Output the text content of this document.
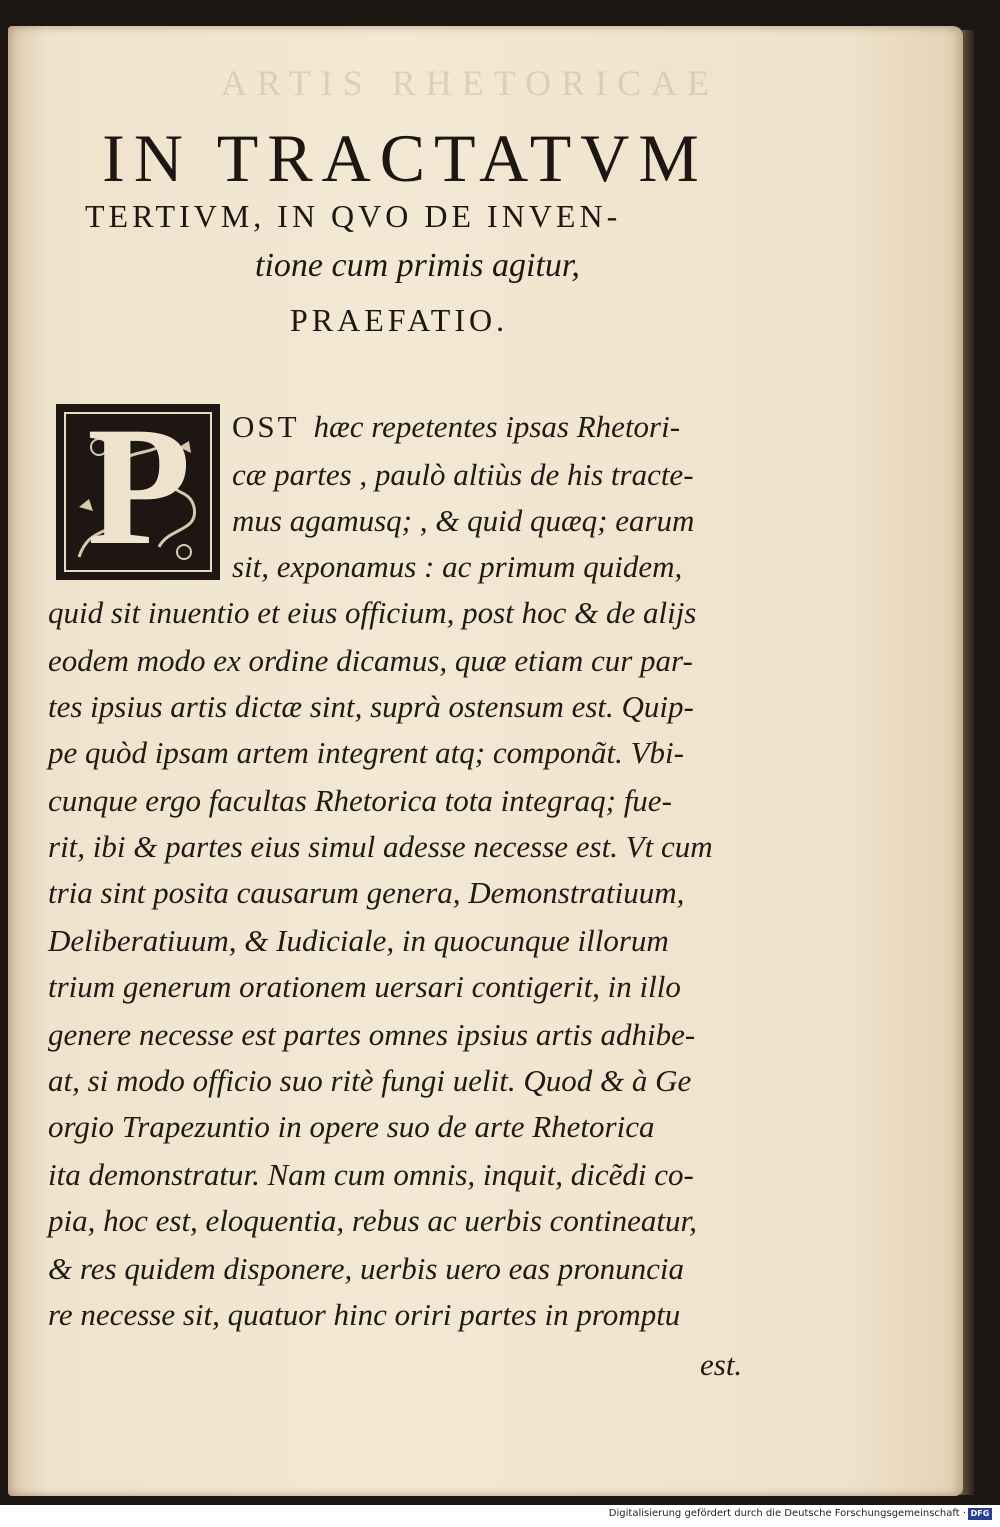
ARTIS RHETORICAE
IN TRACTATVM
TERTIVM, IN QVO DE INVEN-
tione cum primis agitur,
PRAEFATIO.
P OST hæc repetentes ipsas Rhetori-
cæ partes , paulò altiùs de his tracte-
mus agamusq; , & quid quæq; earum
sit, exponamus : ac primum quidem,
quid sit inuentio et eius officium, post hoc & de alijs
eodem modo ex ordine dicamus, quæ etiam cur par-
tes ipsius artis dictæ sint, suprà ostensum est. Quip-
pe quòd ipsam artem integrent atq; componãt. Vbi-
cunque ergo facultas Rhetorica tota integraq; fue-
rit, ibi & partes eius simul adesse necesse est. Vt cum
tria sint posita causarum genera, Demonstratiuum,
Deliberatiuum, & Iudiciale, in quocunque illorum
trium generum orationem uersari contigerit, in illo
genere necesse est partes omnes ipsius artis adhibe-
at, si modo officio suo ritè fungi uelit. Quod & à Ge
orgio Trapezuntio in opere suo de arte Rhetorica
ita demonstratur. Nam cum omnis, inquit, dicẽdi co-
pia, hoc est, eloquentia, rebus ac uerbis contineatur,
& res quidem disponere, uerbis uero eas pronuncia
re necesse sit, quatuor hinc oriri partes in promptu
est.
Digitalisierung gefördert durch die Deutsche Forschungsgemeinschaft · DFG
